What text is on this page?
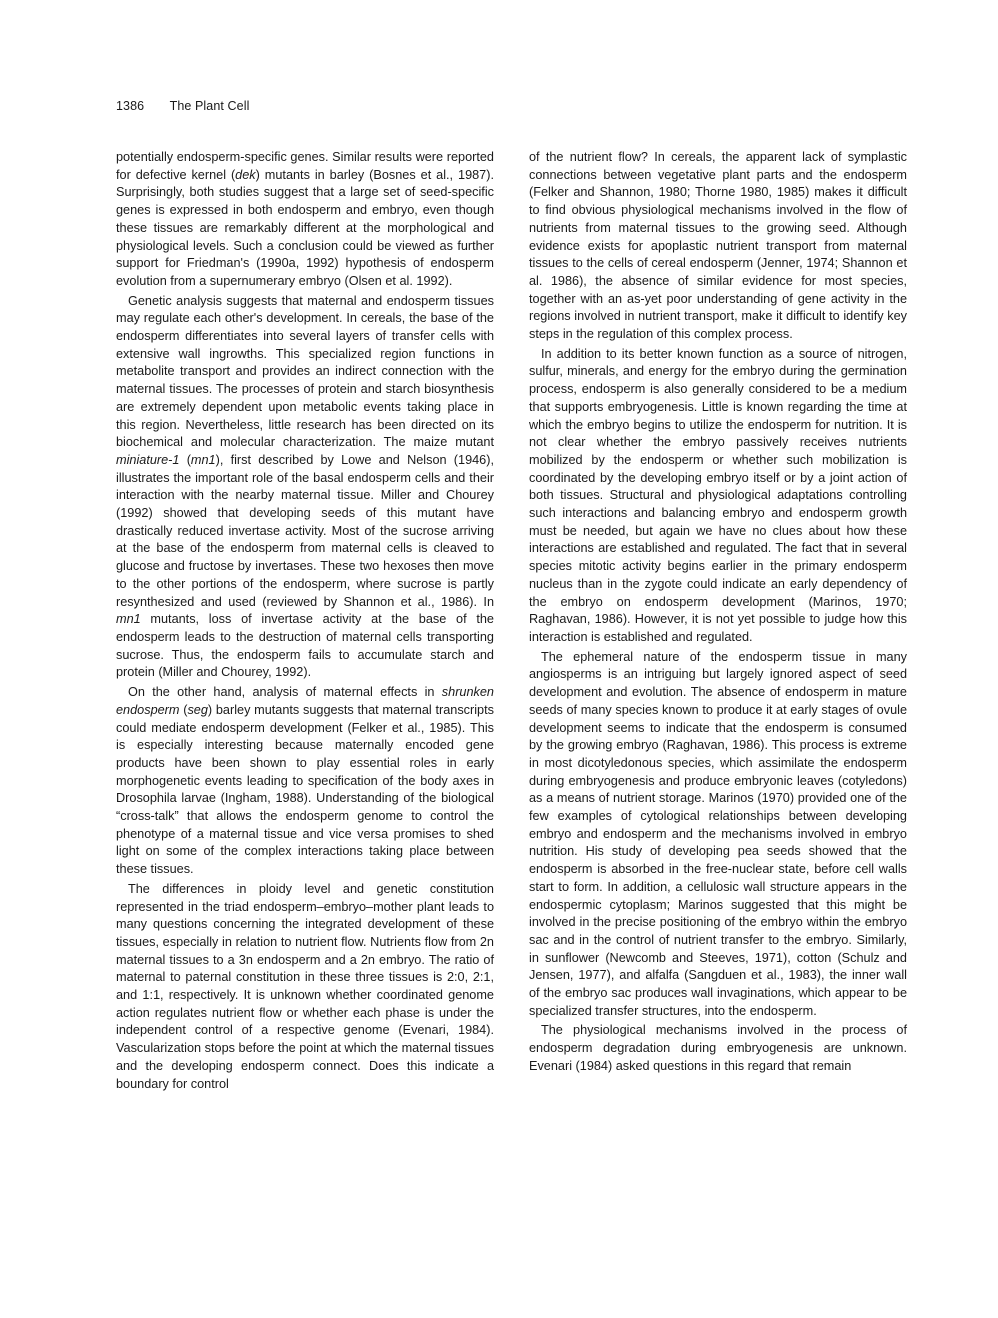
1386 The Plant Cell

potentially endosperm-specific genes. Similar results were reported for defective kernel (dek) mutants in barley (Bosnes et al., 1987). Surprisingly, both studies suggest that a large set of seed-specific genes is expressed in both endosperm and embryo, even though these tissues are remarkably different at the morphological and physiological levels. Such a conclusion could be viewed as further support for Friedman's (1990a, 1992) hypothesis of endosperm evolution from a supernumerary embryo (Olsen et al. 1992).

Genetic analysis suggests that maternal and endosperm tissues may regulate each other's development. In cereals, the base of the endosperm differentiates into several layers of transfer cells with extensive wall ingrowths. This specialized region functions in metabolite transport and provides an indirect connection with the maternal tissues. The processes of protein and starch biosynthesis are extremely dependent upon metabolic events taking place in this region. Nevertheless, little research has been directed on its biochemical and molecular characterization. The maize mutant miniature-1 (mn1), first described by Lowe and Nelson (1946), illustrates the important role of the basal endosperm cells and their interaction with the nearby maternal tissue. Miller and Chourey (1992) showed that developing seeds of this mutant have drastically reduced invertase activity. Most of the sucrose arriving at the base of the endosperm from maternal cells is cleaved to glucose and fructose by invertases. These two hexoses then move to the other portions of the endosperm, where sucrose is partly resynthesized and used (reviewed by Shannon et al., 1986). In mn1 mutants, loss of invertase activity at the base of the endosperm leads to the destruction of maternal cells transporting sucrose. Thus, the endosperm fails to accumulate starch and protein (Miller and Chourey, 1992).

On the other hand, analysis of maternal effects in shrunken endosperm (seg) barley mutants suggests that maternal transcripts could mediate endosperm development (Felker et al., 1985). This is especially interesting because maternally encoded gene products have been shown to play essential roles in early morphogenetic events leading to specification of the body axes in Drosophila larvae (Ingham, 1988). Understanding of the biological “cross-talk” that allows the endosperm genome to control the phenotype of a maternal tissue and vice versa promises to shed light on some of the complex interactions taking place between these tissues.

The differences in ploidy level and genetic constitution represented in the triad endosperm–embryo–mother plant leads to many questions concerning the integrated development of these tissues, especially in relation to nutrient flow. Nutrients flow from 2n maternal tissues to a 3n endosperm and a 2n embryo. The ratio of maternal to paternal constitution in these three tissues is 2:0, 2:1, and 1:1, respectively. It is unknown whether coordinated genome action regulates nutrient flow or whether each phase is under the independent control of a respective genome (Evenari, 1984). Vascularization stops before the point at which the maternal tissues and the developing endosperm connect. Does this indicate a boundary for control

of the nutrient flow? In cereals, the apparent lack of symplastic connections between vegetative plant parts and the endosperm (Felker and Shannon, 1980; Thorne 1980, 1985) makes it difficult to find obvious physiological mechanisms involved in the flow of nutrients from maternal tissues to the growing seed. Although evidence exists for apoplastic nutrient transport from maternal tissues to the cells of cereal endosperm (Jenner, 1974; Shannon et al. 1986), the absence of similar evidence for most species, together with an as-yet poor understanding of gene activity in the regions involved in nutrient transport, make it difficult to identify key steps in the regulation of this complex process.

In addition to its better known function as a source of nitrogen, sulfur, minerals, and energy for the embryo during the germination process, endosperm is also generally considered to be a medium that supports embryogenesis. Little is known regarding the time at which the embryo begins to utilize the endosperm for nutrition. It is not clear whether the embryo passively receives nutrients mobilized by the endosperm or whether such mobilization is coordinated by the developing embryo itself or by a joint action of both tissues. Structural and physiological adaptations controlling such interactions and balancing embryo and endosperm growth must be needed, but again we have no clues about how these interactions are established and regulated. The fact that in several species mitotic activity begins earlier in the primary endosperm nucleus than in the zygote could indicate an early dependency of the embryo on endosperm development (Marinos, 1970; Raghavan, 1986). However, it is not yet possible to judge how this interaction is established and regulated.

The ephemeral nature of the endosperm tissue in many angiosperms is an intriguing but largely ignored aspect of seed development and evolution. The absence of endosperm in mature seeds of many species known to produce it at early stages of ovule development seems to indicate that the endosperm is consumed by the growing embryo (Raghavan, 1986). This process is extreme in most dicotyledonous species, which assimilate the endosperm during embryogenesis and produce embryonic leaves (cotyledons) as a means of nutrient storage. Marinos (1970) provided one of the few examples of cytological relationships between developing embryo and endosperm and the mechanisms involved in embryo nutrition. His study of developing pea seeds showed that the endosperm is absorbed in the free-nuclear state, before cell walls start to form. In addition, a cellulosic wall structure appears in the endospermic cytoplasm; Marinos suggested that this might be involved in the precise positioning of the embryo within the embryo sac and in the control of nutrient transfer to the embryo. Similarly, in sunflower (Newcomb and Steeves, 1971), cotton (Schulz and Jensen, 1977), and alfalfa (Sangduen et al., 1983), the inner wall of the embryo sac produces wall invaginations, which appear to be specialized transfer structures, into the endosperm.

The physiological mechanisms involved in the process of endosperm degradation during embryogenesis are unknown. Evenari (1984) asked questions in this regard that remain
